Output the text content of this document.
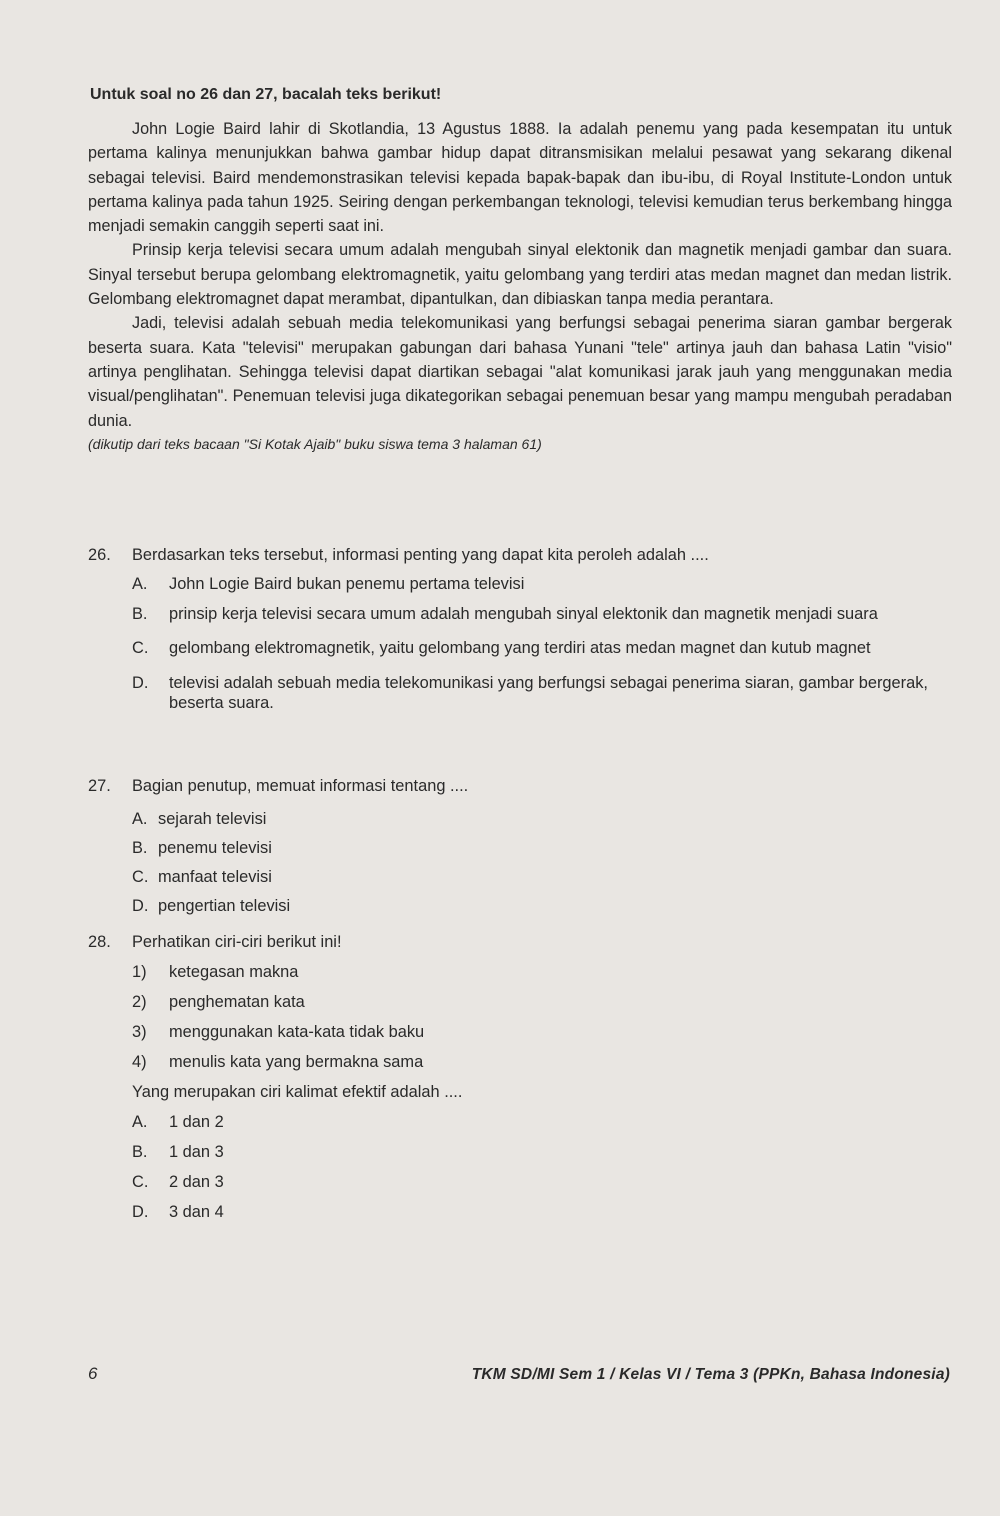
Untuk soal no 26 dan 27, bacalah teks berikut!

John Logie Baird lahir di Skotlandia, 13 Agustus 1888. Ia adalah penemu yang pada kesempatan itu untuk pertama kalinya menunjukkan bahwa gambar hidup dapat ditransmisikan melalui pesawat yang sekarang dikenal sebagai televisi. Baird mendemonstrasikan televisi kepada bapak-bapak dan ibu-ibu, di Royal Institute-London untuk pertama kalinya pada tahun 1925. Seiring dengan perkembangan teknologi, televisi kemudian terus berkembang hingga menjadi semakin canggih seperti saat ini.

Prinsip kerja televisi secara umum adalah mengubah sinyal elektonik dan magnetik menjadi gambar dan suara. Sinyal tersebut berupa gelombang elektromagnetik, yaitu gelombang yang terdiri atas medan magnet dan medan listrik. Gelombang elektromagnet dapat merambat, dipantulkan, dan dibiaskan tanpa media perantara.

Jadi, televisi adalah sebuah media telekomunikasi yang berfungsi sebagai penerima siaran gambar bergerak beserta suara. Kata "televisi" merupakan gabungan dari bahasa Yunani "tele" artinya jauh dan bahasa Latin "visio" artinya penglihatan. Sehingga televisi dapat diartikan sebagai "alat komunikasi jarak jauh yang menggunakan media visual/penglihatan". Penemuan televisi juga dikategorikan sebagai penemuan besar yang mampu mengubah peradaban dunia.

(dikutip dari teks bacaan "Si Kotak Ajaib" buku siswa tema 3 halaman 61)
26.	Berdasarkan teks tersebut, informasi penting yang dapat kita peroleh adalah ....
A.	John Logie Baird bukan penemu pertama televisi
B.	prinsip kerja televisi secara umum adalah mengubah sinyal elektonik dan magnetik menjadi suara
C.	gelombang elektromagnetik, yaitu gelombang yang terdiri atas medan magnet dan kutub magnet
D.	televisi adalah sebuah media telekomunikasi yang berfungsi sebagai penerima siaran, gambar bergerak, beserta suara.
27.	Bagian penutup, memuat informasi tentang ....
A. sejarah televisi
B. penemu televisi
C. manfaat televisi
D. pengertian televisi
28.	Perhatikan ciri-ciri berikut ini!
1)	ketegasan makna
2)	penghematan kata
3)	menggunakan kata-kata tidak baku
4)	menulis kata yang bermakna sama
Yang merupakan ciri kalimat efektif adalah ....
A.	1 dan 2
B.	1 dan 3
C.	2 dan 3
D.	3 dan 4
6	TKM SD/MI Sem 1 / Kelas VI / Tema 3 (PPKn, Bahasa Indonesia)
